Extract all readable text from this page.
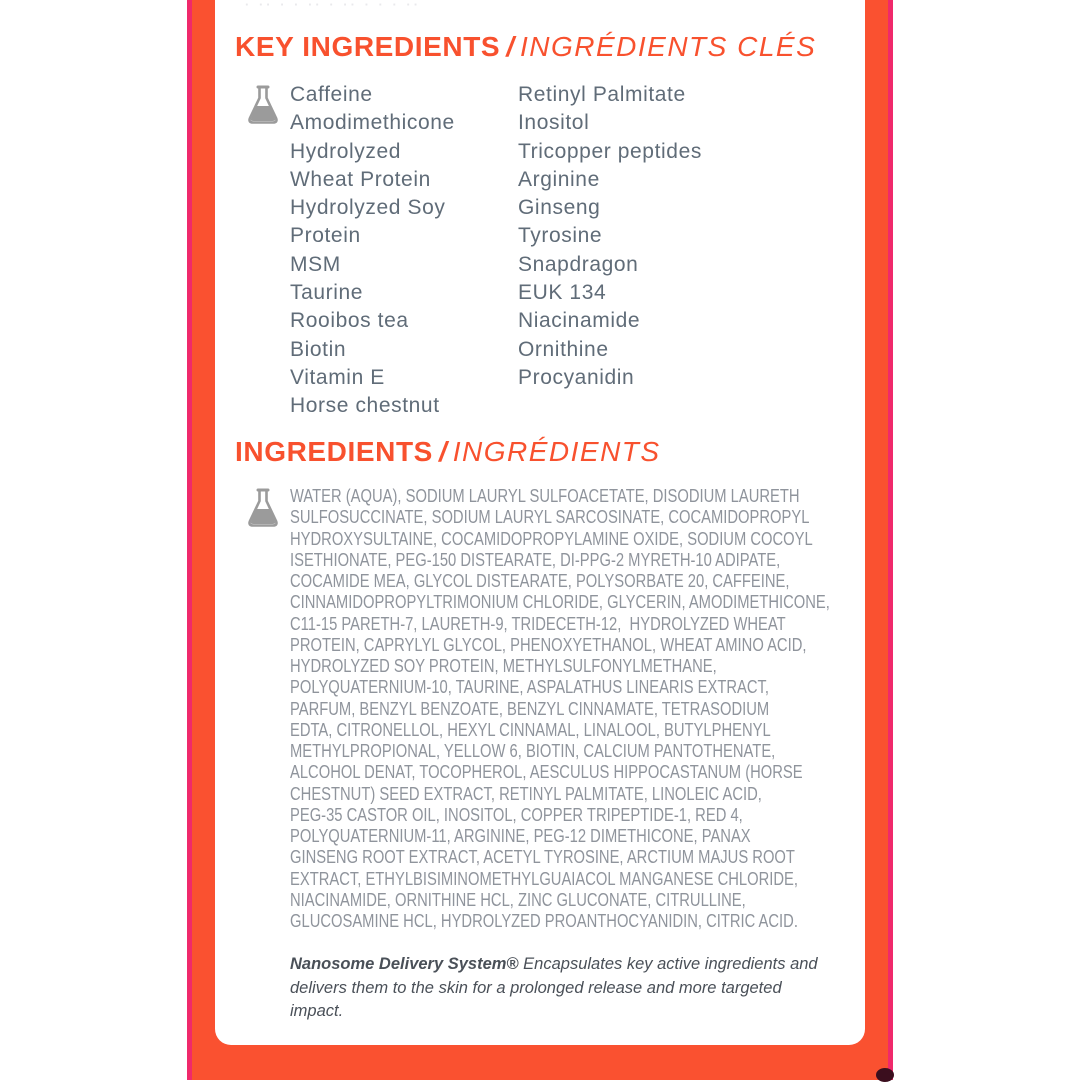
· ·· · · ·· · ·· · · · ··
KEY INGREDIENTS / INGRÉDIENTS CLÉS
Caffeine
Amodimethicone
Hydrolyzed
Wheat Protein
Hydrolyzed Soy
Protein
MSM
Taurine
Rooibos tea
Biotin
Vitamin E
Horse chestnut
Retinyl Palmitate
Inositol
Tricopper peptides
Arginine
Ginseng
Tyrosine
Snapdragon
EUK 134
Niacinamide
Ornithine
Procyanidin
INGREDIENTS / INGRÉDIENTS
WATER (AQUA), SODIUM LAURYL SULFOACETATE, DISODIUM LAURETH
SULFOSUCCINATE, SODIUM LAURYL SARCOSINATE, COCAMIDOPROPYL
HYDROXYSULTAINE, COCAMIDOPROPYLAMINE OXIDE, SODIUM COCOYL
ISETHIONATE, PEG-150 DISTEARATE, DI-PPG-2 MYRETH-10 ADIPATE,
COCAMIDE MEA, GLYCOL DISTEARATE, POLYSORBATE 20, CAFFEINE,
CINNAMIDOPROPYLTRIMONIUM CHLORIDE, GLYCERIN, AMODIMETHICONE,
C11-15 PARETH-7, LAURETH-9, TRIDECETH-12,  HYDROLYZED WHEAT
PROTEIN, CAPRYLYL GLYCOL, PHENOXYETHANOL, WHEAT AMINO ACID,
HYDROLYZED SOY PROTEIN, METHYLSULFONYLMETHANE,
POLYQUATERNIUM-10, TAURINE, ASPALATHUS LINEARIS EXTRACT,
PARFUM, BENZYL BENZOATE, BENZYL CINNAMATE, TETRASODIUM
EDTA, CITRONELLOL, HEXYL CINNAMAL, LINALOOL, BUTYLPHENYL
METHYLPROPIONAL, YELLOW 6, BIOTIN, CALCIUM PANTOTHENATE,
ALCOHOL DENAT, TOCOPHEROL, AESCULUS HIPPOCASTANUM (HORSE
CHESTNUT) SEED EXTRACT, RETINYL PALMITATE, LINOLEIC ACID,
PEG-35 CASTOR OIL, INOSITOL, COPPER TRIPEPTIDE-1, RED 4,
POLYQUATERNIUM-11, ARGININE, PEG-12 DIMETHICONE, PANAX
GINSENG ROOT EXTRACT, ACETYL TYROSINE, ARCTIUM MAJUS ROOT
EXTRACT, ETHYLBISIMINOMETHYLGUAIACOL MANGANESE CHLORIDE,
NIACINAMIDE, ORNITHINE HCL, ZINC GLUCONATE, CITRULLINE,
GLUCOSAMINE HCL, HYDROLYZED PROANTHOCYANIDIN, CITRIC ACID.
Nanosome Delivery System® Encapsulates key active ingredients and delivers them to the skin for a prolonged release and more targeted impact.
